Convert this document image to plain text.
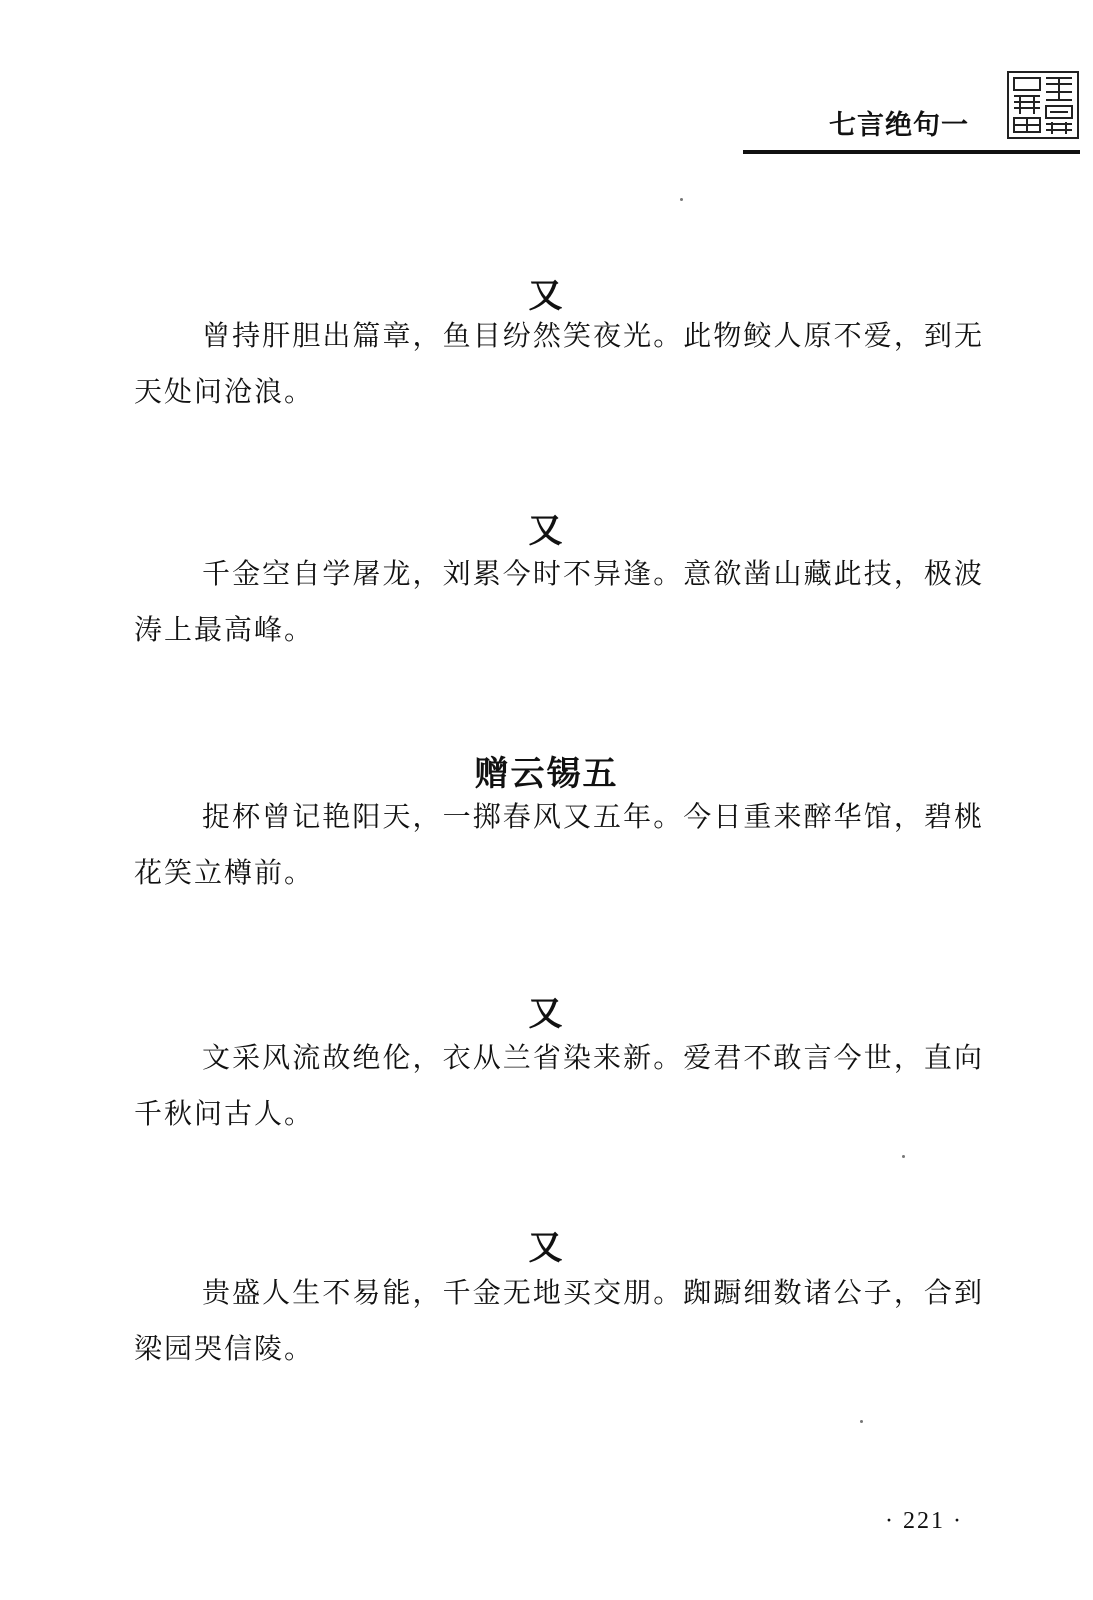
七言绝句一
又

曾持肝胆出篇章，鱼目纷然笑夜光。此物鲛人原不爱，到无天处问沧浪。

又

千金空自学屠龙，刘累今时不异逢。意欲凿山藏此技，极波涛上最高峰。

赠云锡五

捉杯曾记艳阳天，一掷春风又五年。今日重来醉华馆，碧桃花笑立樽前。

又

文采风流故绝伦，衣从兰省染来新。爱君不敢言今世，直向千秋问古人。

又

贵盛人生不易能，千金无地买交朋。踟蹰细数诸公子，合到梁园哭信陵。

· 221 ·
